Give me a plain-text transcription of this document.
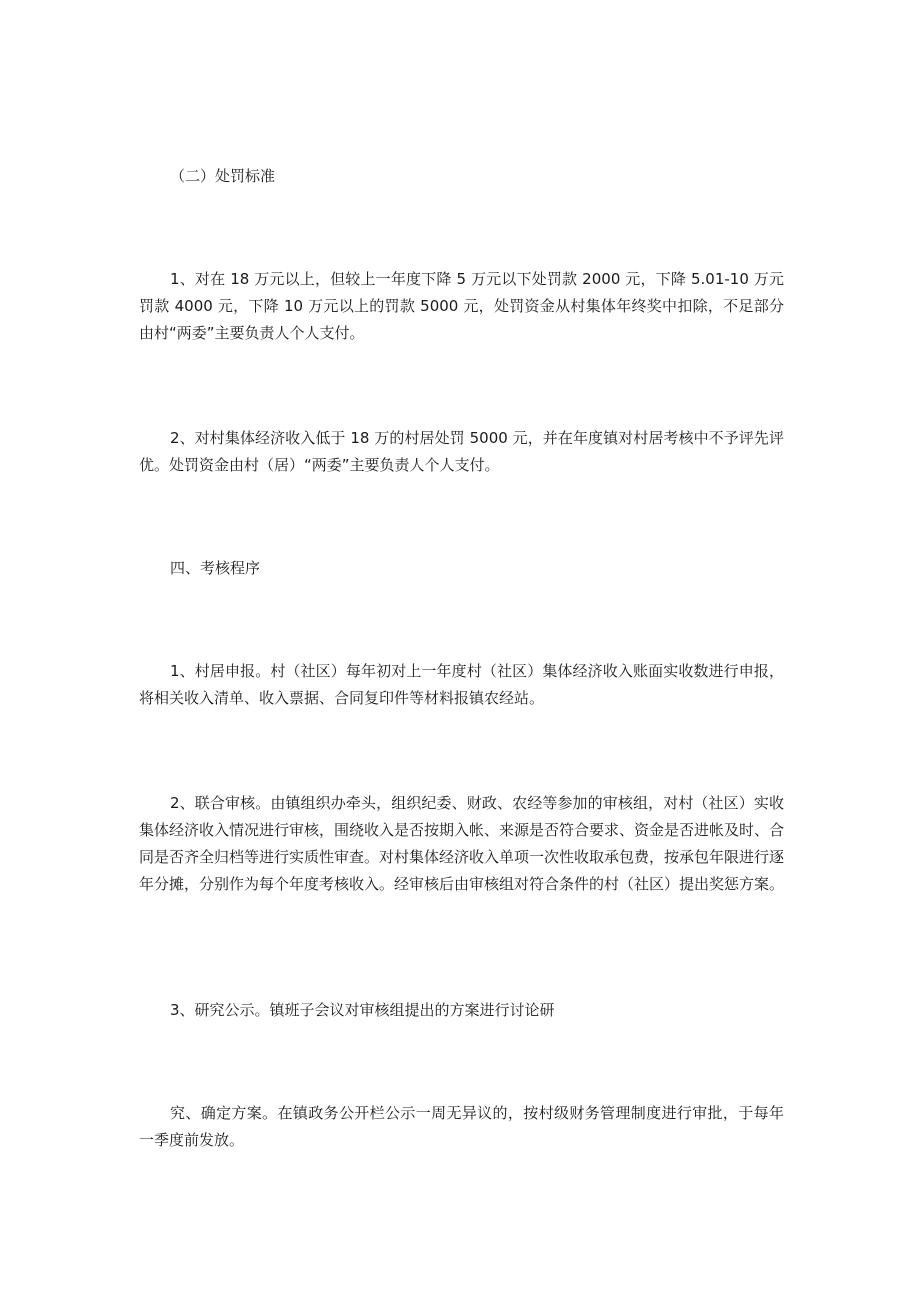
（二）处罚标准

1、对在 18 万元以上，但较上一年度下降 5 万元以下处罚款 2000 元，下降 5.01-10 万元罚款 4000 元，下降 10 万元以上的罚款 5000 元，处罚资金从村集体年终奖中扣除，不足部分由村“两委”主要负责人个人支付。

2、对村集体经济收入低于 18 万的村居处罚 5000 元，并在年度镇对村居考核中不予评先评优。处罚资金由村（居）“两委”主要负责人个人支付。

四、考核程序

1、村居申报。村（社区）每年初对上一年度村（社区）集体经济收入账面实收数进行申报，将相关收入清单、收入票据、合同复印件等材料报镇农经站。

2、联合审核。由镇组织办牵头，组织纪委、财政、农经等参加的审核组，对村（社区）实收集体经济收入情况进行审核，围绕收入是否按期入帐、来源是否符合要求、资金是否进帐及时、合同是否齐全归档等进行实质性审查。对村集体经济收入单项一次性收取承包费，按承包年限进行逐年分摊，分别作为每个年度考核收入。经审核后由审核组对符合条件的村（社区）提出奖惩方案。

3、研究公示。镇班子会议对审核组提出的方案进行讨论研

究、确定方案。在镇政务公开栏公示一周无异议的，按村级财务管理制度进行审批，于每年一季度前发放。
